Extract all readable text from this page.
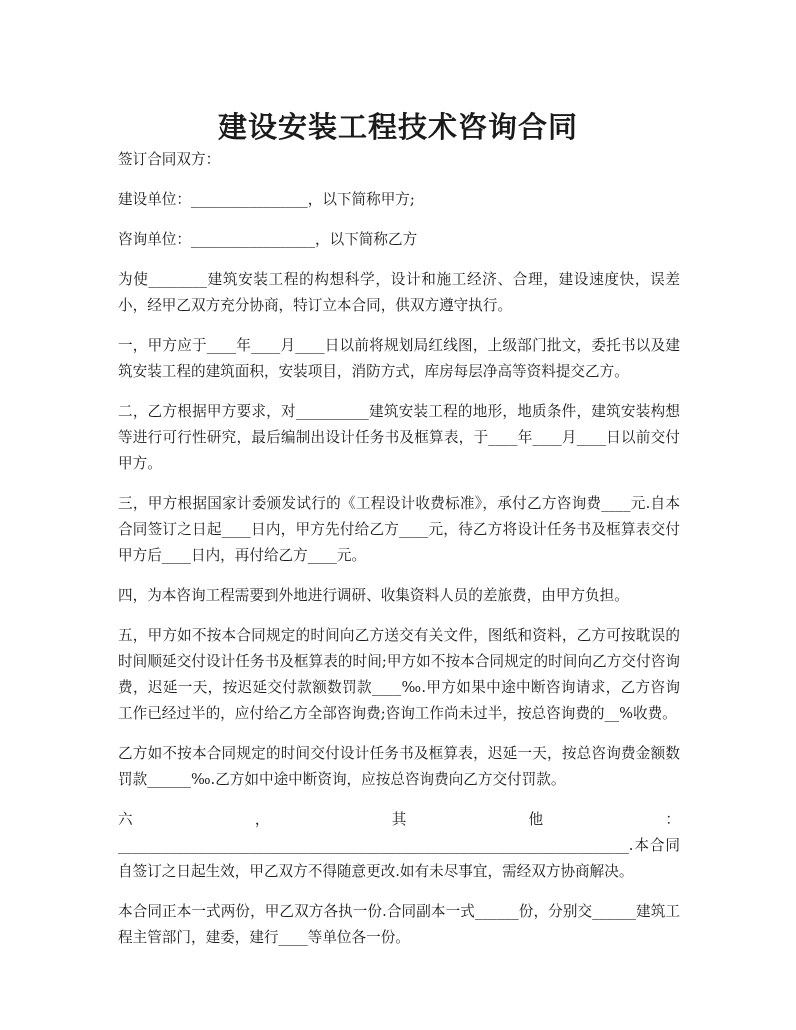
建设安装工程技术咨询合同

签订合同双方：

建设单位：________________，以下简称甲方;

咨询单位：_________________，以下简称乙方

为使________建筑安装工程的构想科学，设计和施工经济、合理，建设速度快，误差小，经甲乙双方充分协商，特订立本合同，供双方遵守执行。

一，甲方应于____年____月____日以前将规划局红线图，上级部门批文，委托书以及建筑安装工程的建筑面积，安装项目，消防方式，库房每层净高等资料提交乙方。

二，乙方根据甲方要求，对__________建筑安装工程的地形，地质条件，建筑安装构想等进行可行性研究，最后编制出设计任务书及框算表，于____年____月____日以前交付甲方。

三，甲方根据国家计委颁发试行的《工程设计收费标准》，承付乙方咨询费____元.自本合同签订之日起____日内，甲方先付给乙方____元，待乙方将设计任务书及框算表交付甲方后____日内，再付给乙方____元。

四，为本咨询工程需要到外地进行调研、收集资料人员的差旅费，由甲方负担。

五，甲方如不按本合同规定的时间向乙方送交有关文件，图纸和资料，乙方可按耽误的时间顺延交付设计任务书及框算表的时间;甲方如不按本合同规定的时间向乙方交付咨询费，迟延一天，按迟延交付款额数罚款____‰.甲方如果中途中断咨询请求，乙方咨询工作已经过半的，应付给乙方全部咨询费;咨询工作尚未过半，按总咨询费的__%收费。

乙方如不按本合同规定的时间交付设计任务书及框算表，迟延一天，按总咨询费金额数罚款______‰.乙方如中途中断资询，应按总咨询费向乙方交付罚款。

六，其他：______________________________________________________________________.本合同自签订之日起生效，甲乙双方不得随意更改.如有未尽事宜，需经双方协商解决。

本合同正本一式两份，甲乙双方各执一份.合同副本一式______份，分别交______建筑工程主管部门，建委，建行____等单位各一份。
